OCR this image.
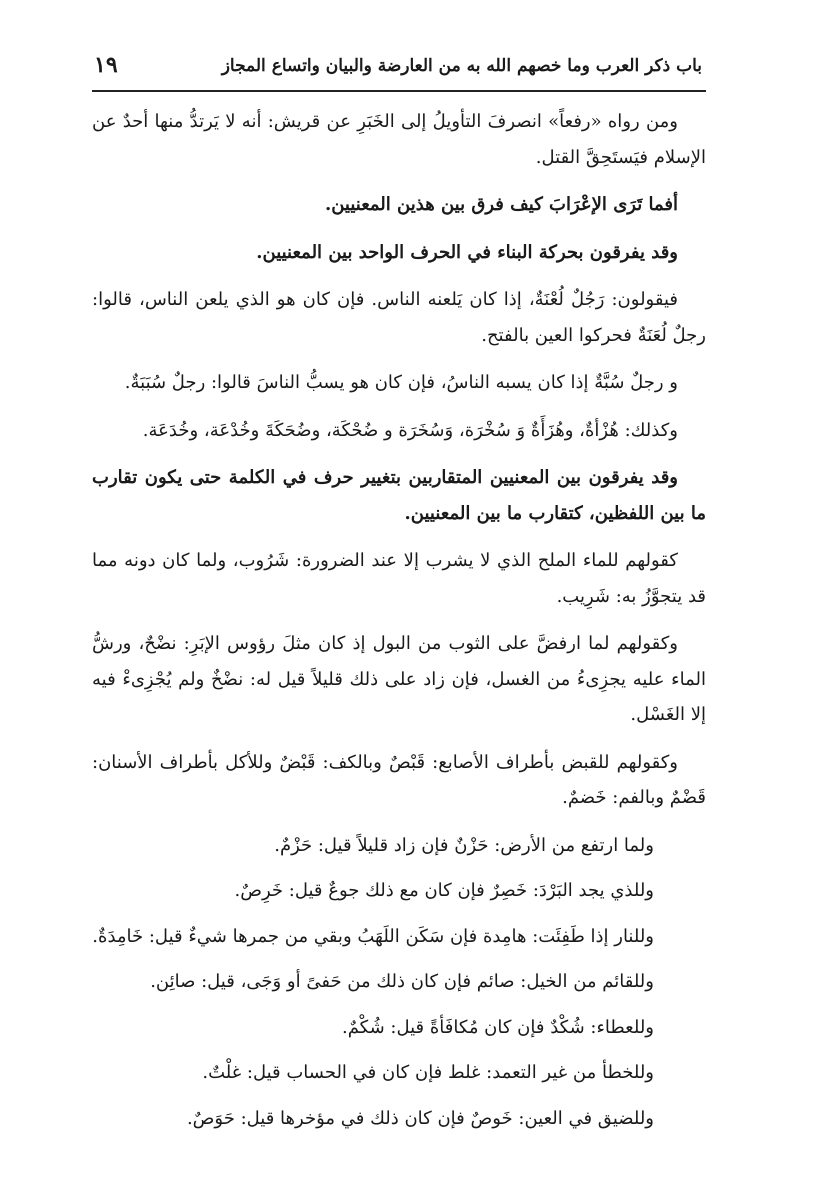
١٩	باب ذكر العرب وما خصهم الله به من العارضة والبيان واتساع المجاز

ومن رواه «رفعاً» انصرفَ التأويلُ إلى الخَبَرِ عن قريش: أنه لا يَرتدُّ منها أحدٌ عن الإسلام فيَستَحِقَّ القتل.

أفما تَرَى الإعْرَابَ كيف فرق بين هذين المعنيين.

وقد يفرقون بحركة البناء في الحرف الواحد بين المعنيين.

فيقولون: رَجُلٌ لُعْنَةٌ، إذا كان يَلعنه الناس. فإن كان هو الذي يلعن الناس، قالوا: رجلٌ لُعَنَةٌ فحركوا العين بالفتح.

و رجلٌ سُبَّةٌ إذا كان يسبه الناسُ، فإن كان هو يسبُّ الناسَ قالوا: رجلٌ سُبَبَةٌ.

وكذلك: هُزْأةٌ، وهُزَأَةٌ وَ سُخْرَة، وَسُخَرَة و ضُحْكَة، وضُحَكَةَ وخُدْعَة، وخُدَعَة.

وقد يفرقون بين المعنيين المتقاربين بتغيير حرف في الكلمة حتى يكون تقارب ما بين اللفظين، كتقارب ما بين المعنيين.

كقولهم للماء الملح الذي لا يشرب إلا عند الضرورة: شَرُوب، ولما كان دونه مما قد يتجوَّزُ به: شَرِيب.

وكقولهم لما ارفضَّ على الثوب من البول إذ كان مثلَ رؤوس الإبَرِ: نضْحٌ، ورشُّ الماء عليه يجزِىءُ من الغسل، فإن زاد على ذلك قليلاً قيل له: نضْخٌ ولم يُجْزِىءْ فيه إلا الغَسْل.

وكقولهم للقبض بأطراف الأصابع: قَبْصٌ وبالكف: قَبْضٌ وللأكل بأطراف الأسنان: قَضْمٌ وبالفم: خَضمٌ.

ولما ارتفع من الأرض: حَزْنٌ فإن زاد قليلاً قيل: حَزْمٌ.

وللذي يجد البَرْدَ: خَصِرٌ فإن كان مع ذلك جوعٌ قيل: خَرِصٌ.

وللنار إذا طَفِئَت: هامِدة فإن سَكَن اللَهَبُ وبقي من جمرها شيءٌ قيل: خَامِدَةٌ.

وللقائم من الخيل: صائم فإن كان ذلك من حَفىً أو وَجَى، قيل: صائِن.

وللعطاء: شُكْدٌ فإن كان مُكافَأةً قيل: شُكْمٌ.

وللخطأ من غير التعمد: غلط فإن كان في الحساب قيل: غلْتٌ.

وللضيق في العين: خَوصٌ فإن كان ذلك في مؤخرها قيل: حَوَصٌ.
